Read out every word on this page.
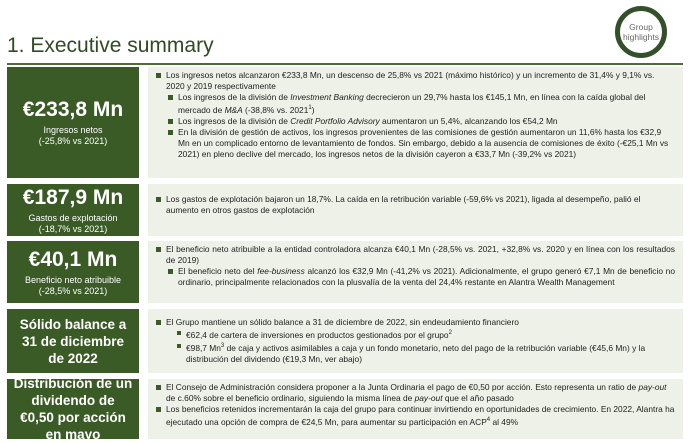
1. Executive summary
Group
highlights
€233,8 Mn
Ingresos netos
(-25,8% vs 2021)
Los ingresos netos alcanzaron €233,8 Mn, un descenso de 25,8% vs 2021 (máximo histórico) y un incremento de 31,4% y 9,1% vs. 2020 y 2019 respectivamente
Los ingresos de la división de Investment Banking decrecieron un 29,7% hasta los €145,1 Mn, en línea con la caída global del mercado de M&A (-38,8% vs. 2021$^1$)
Los ingresos de la división de Credit Portfolio Advisory aumentaron un 5,4%, alcanzando los €54,2 Mn
En la división de gestión de activos, los ingresos provenientes de las comisiones de gestión aumentaron un 11,6% hasta los €32,9 Mn en un complicado entorno de levantamiento de fondos. Sin embargo, debido a la ausencia de comisiones de éxito (-€25,1 Mn vs 2021) en pleno declive del mercado, los ingresos netos de la división cayeron a €33,7 Mn (-39,2% vs 2021)
€187,9 Mn
Gastos de explotación
(-18,7% vs 2021)
Los gastos de explotación bajaron un 18,7%. La caída en la retribución variable (-59,6% vs 2021), ligada al desempeño, palió el aumento en otros gastos de explotación
€40,1 Mn
Beneficio neto atribuible
(-28,5% vs 2021)
El beneficio neto atribuible a la entidad controladora alcanza €40,1 Mn (-28,5% vs. 2021, +32,8% vs. 2020 y en línea con los resultados de 2019)
El beneficio neto del fee-business alcanzó los €32,9 Mn (-41,2% vs 2021). Adicionalmente, el grupo generó €7,1 Mn de beneficio no ordinario, principalmente relacionados con la plusvalía de la venta del 24,4% restante en Alantra Wealth Management
Sólido balance a 31 de diciembre de 2022
El Grupo mantiene un sólido balance a 31 de diciembre de 2022, sin endeudamiento financiero
€62,4 de cartera de inversiones en productos gestionados por el grupo$^2$
€98,7 Mn$^3$ de caja y activos asimilables a caja y un fondo monetario, neto del pago de la retribución variable (€45,6 Mn) y la distribución del dividendo (€19,3 Mn, ver abajo)
Distribución de un dividendo de €0,50 por acción en mayo
El Consejo de Administración considera proponer a la Junta Ordinaria el pago de €0,50 por acción. Esto representa un ratio de pay-out de c.60% sobre el beneficio ordinario, siguiendo la misma línea de pay-out que el año pasado
Los beneficios retenidos incrementarán la caja del grupo para continuar invirtiendo en oportunidades de crecimiento. En 2022, Alantra ha ejecutado una opción de compra de €24,5 Mn, para aumentar su participación en ACP$^4$ al 49%
